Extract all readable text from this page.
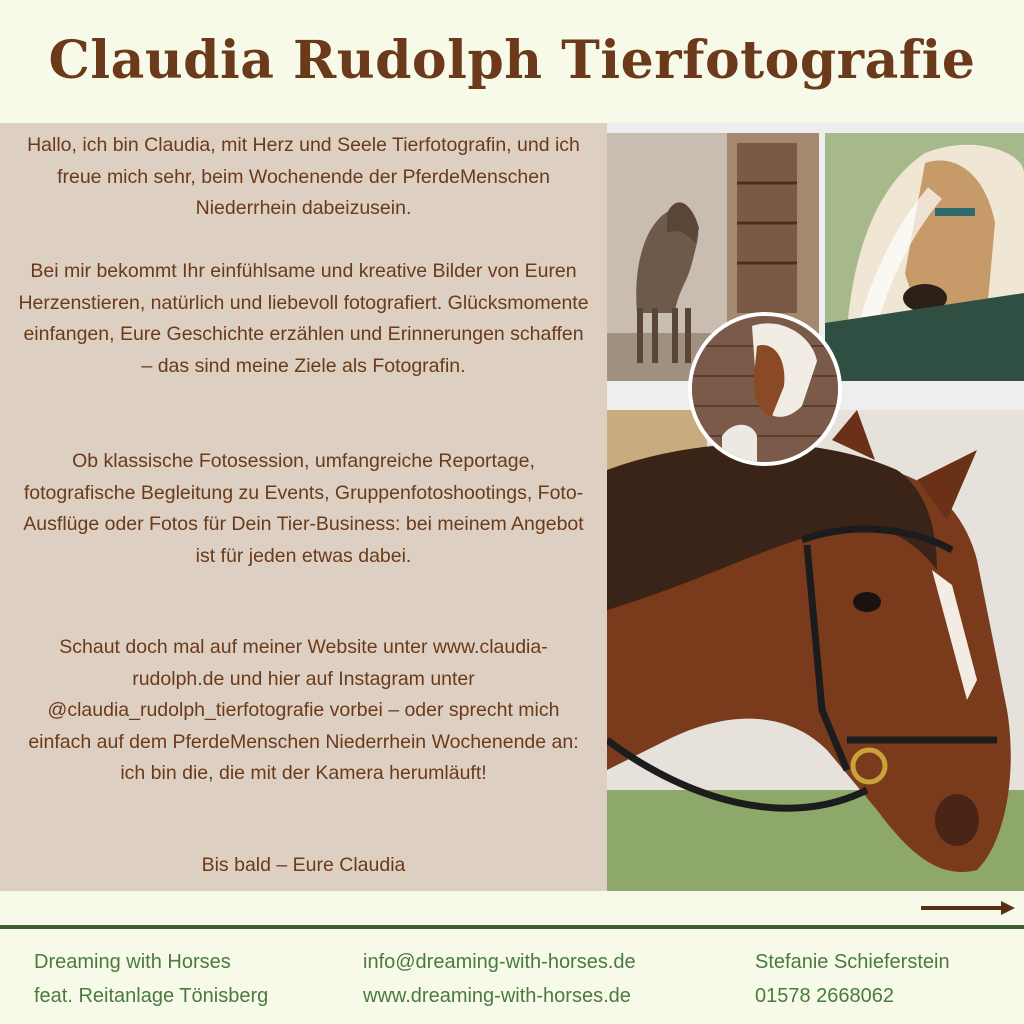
Claudia Rudolph Tierfotografie

Hallo, ich bin Claudia, mit Herz und Seele Tierfotografin, und ich freue mich sehr, beim Wochenende der PferdeMenschen Niederrhein dabeizusein.

Bei mir bekommt Ihr einfühlsame und kreative Bilder von Euren Herzenstieren, natürlich und liebevoll fotografiert. Glücksmomente einfangen, Eure Geschichte erzählen und Erinnerungen schaffen – das sind meine Ziele als Fotografin.

Ob klassische Fotosession, umfangreiche Reportage, fotografische Begleitung zu Events, Gruppenfotoshootings, Foto-Ausflüge oder Fotos für Dein Tier-Business: bei meinem Angebot ist für jeden etwas dabei.

Schaut doch mal auf meiner Website unter www.claudia-rudolph.de und hier auf Instagram unter @claudia_rudolph_tierfotografie vorbei – oder sprecht mich einfach auf dem PferdeMenschen Niederrhein Wochenende an: ich bin die, die mit der Kamera herumläuft!

Bis bald – Eure Claudia

Dreaming with Horses
feat. Reitanlage Tönisberg
info@dreaming-with-horses.de
www.dreaming-with-horses.de
Stefanie Schieferstein
01578 2668062
